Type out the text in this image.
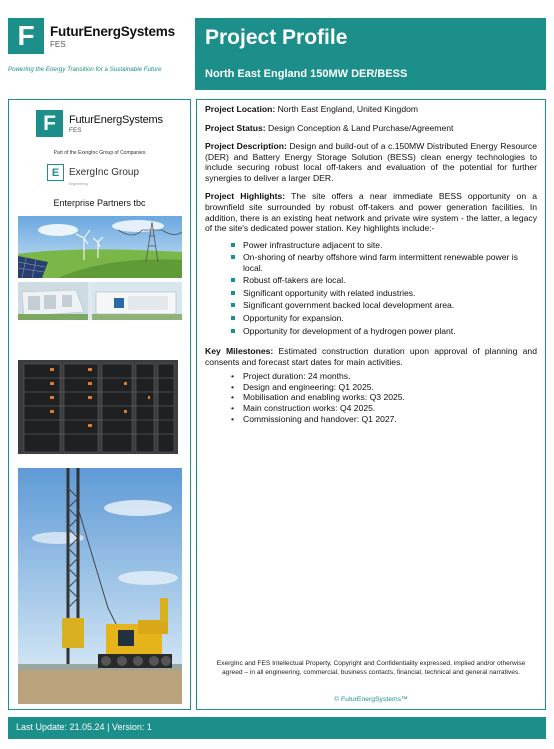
F FuturEnergSystems
FES
Powering the Energy Transition for a Sustainable Future
Project Profile
North East England 150MW DER/BESS
F FuturEnergSystems
FES
Part of the ExergInc Group of Companies
E ExergInc Group
Engineering
Enterprise Partners tbc
Project Location: North East England, United Kingdom
Project Status: Design Conception & Land Purchase/Agreement
Project Description: Design and build-out of a c.150MW Distributed Energy Resource (DER) and Battery Energy Storage Solution (BESS) clean energy technologies to include securing robust local off-takers and evaluation of the potential for further synergies to deliver a larger DER.
Project Highlights: The site offers a near immediate BESS opportunity on a brownfield site surrounded by robust off-takers and power generation facilities. In addition, there is an existing heat network and private wire system - the latter, a legacy of the site's dedicated power station. Key highlights include:-
Power infrastructure adjacent to site.
On-shoring of nearby offshore wind farm intermittent renewable power is local.
Robust off-takers are local.
Significant opportunity with related industries.
Significant government backed local development area.
Opportunity for expansion.
Opportunity for development of a hydrogen power plant.
Key Milestones: Estimated construction duration upon approval of planning and consents and forecast start dates for main activities.
• Project duration: 24 months.
• Design and engineering: Q1 2025.
• Mobilisation and enabling works: Q3 2025.
• Main construction works: Q4 2025.
• Commissioning and handover: Q1 2027.
ExergInc and FES Intellectual Property, Copyright and Confidentiality expressed, implied and/or otherwise agreed – in all engineering, commercial, business contacts, financial, technical and general narratives.
© FuturEnergSystems™
Last Update: 21.05.24 | Version: 1
